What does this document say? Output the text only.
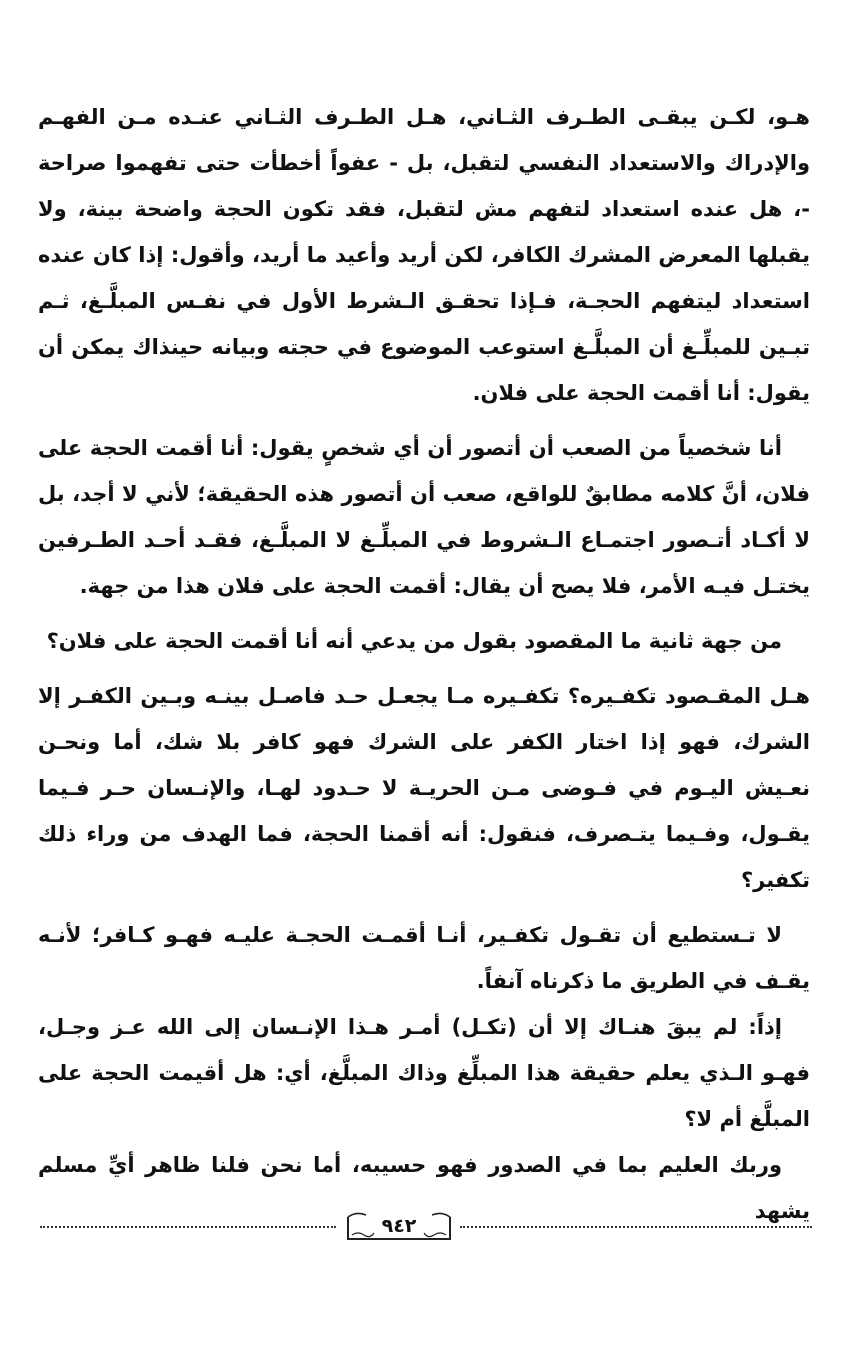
هـو، لكـن يبقـى الطـرف الثـاني، هـل الطـرف الثـاني عنـده مـن الفهـم والإدراك والاستعداد النفسي لتقبل، بل - عفواً أخطأت حتى تفهموا صراحة -، هل عنده استعداد لتفهم مش لتقبل، فقد تكون الحجة واضحة بينة، ولا يقبلها المعرض المشرك الكافر، لكن أريد وأعيد ما أريد، وأقول: إذا كان عنده استعداد ليتفهم الحجـة، فـإذا تحقـق الـشرط الأول في نفـس المبلَّـغ، ثـم تبـين للمبلِّـغ أن المبلَّـغ استوعب الموضوع في حجته وبيانه حينذاك يمكن أن يقول: أنا أقمت الحجة على فلان.

أنا شخصياً من الصعب أن أتصور أن أي شخصٍ يقول: أنا أقمت الحجة على فلان، أنَّ كلامه مطابقٌ للواقع، صعب أن أتصور هذه الحقيقة؛ لأني لا أجد، بل لا أكـاد أتـصور اجتمـاع الـشروط في المبلِّـغ لا المبلَّـغ، فقـد أحـد الطـرفين يختـل فيـه الأمر، فلا يصح أن يقال: أقمت الحجة على فلان هذا من جهة.

من جهة ثانية ما المقصود بقول من يدعي أنه أنا أقمت الحجة على فلان؟

هـل المقـصود تكفـيره؟ تكفـيره مـا يجعـل حـد فاصـل بينـه وبـين الكفـر إلا الشرك، فهو إذا اختار الكفر على الشرك فهو كافر بلا شك، أما ونحـن نعـيش اليـوم في فـوضى مـن الحريـة لا حـدود لهـا، والإنـسان حـر فـيما يقـول، وفـيما يتـصرف، فنقول: أنه أقمنا الحجة، فما الهدف من وراء ذلك تكفير؟

لا تـستطيع أن تقـول تكفـير، أنـا أقمـت الحجـة عليـه فهـو كـافر؛ لأنـه يقـف في الطريق ما ذكرناه آنفاً.

إذاً: لم يبقَ هنـاك إلا أن (تكـل) أمـر هـذا الإنـسان إلى الله عـز وجـل، فهـو الـذي يعلم حقيقة هذا المبلِّغ وذاك المبلَّغ، أي: هل أقيمت الحجة على المبلَّغ أم لا؟

وربك العليم بما في الصدور فهو حسيبه، أما نحن فلنا ظاهر أيِّ مسلم يشهد

٩٤٢
